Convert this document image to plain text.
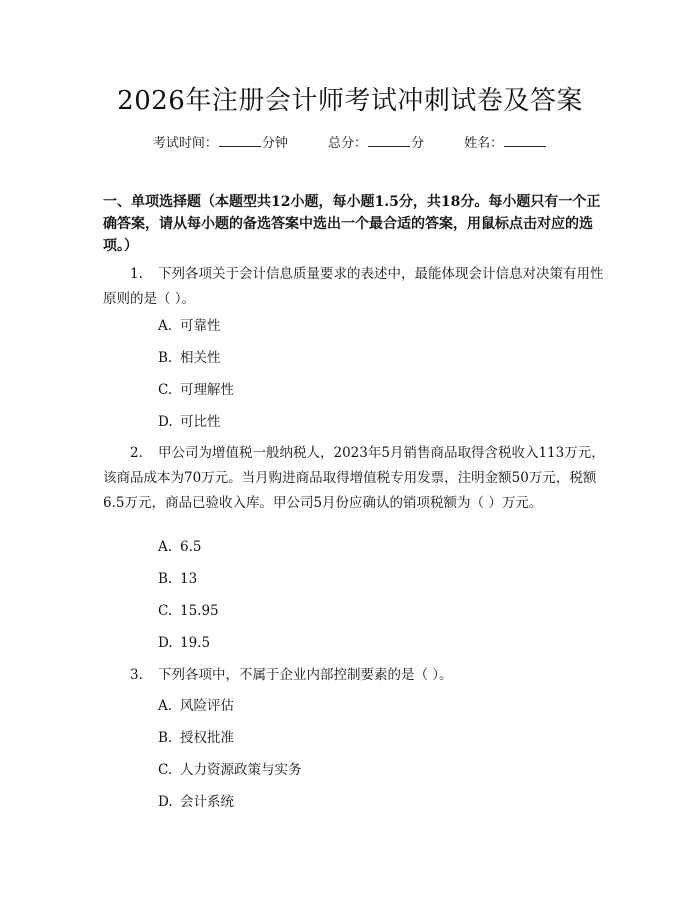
2026年注册会计师考试冲刺试卷及答案
考试时间：	分钟	总分：	分	姓名：
一、单项选择题（本题型共12小题，每小题1.5分，共18分。每小题只有一个正确答案，请从每小题的备选答案中选出一个最合适的答案，用鼠标点击对应的选项。）
1. 下列各项关于会计信息质量要求的表述中，最能体现会计信息对决策有用性原则的是（ ）。
A. 可靠性
B. 相关性
C. 可理解性
D. 可比性
2. 甲公司为增值税一般纳税人，2023年5月销售商品取得含税收入113万元，该商品成本为70万元。当月购进商品取得增值税专用发票，注明金额50万元，税额6.5万元，商品已验收入库。甲公司5月份应确认的销项税额为（ ）万元。
A. 6.5
B. 13
C. 15.95
D. 19.5
3. 下列各项中，不属于企业内部控制要素的是（ ）。
A. 风险评估
B. 授权批准
C. 人力资源政策与实务
D. 会计系统
